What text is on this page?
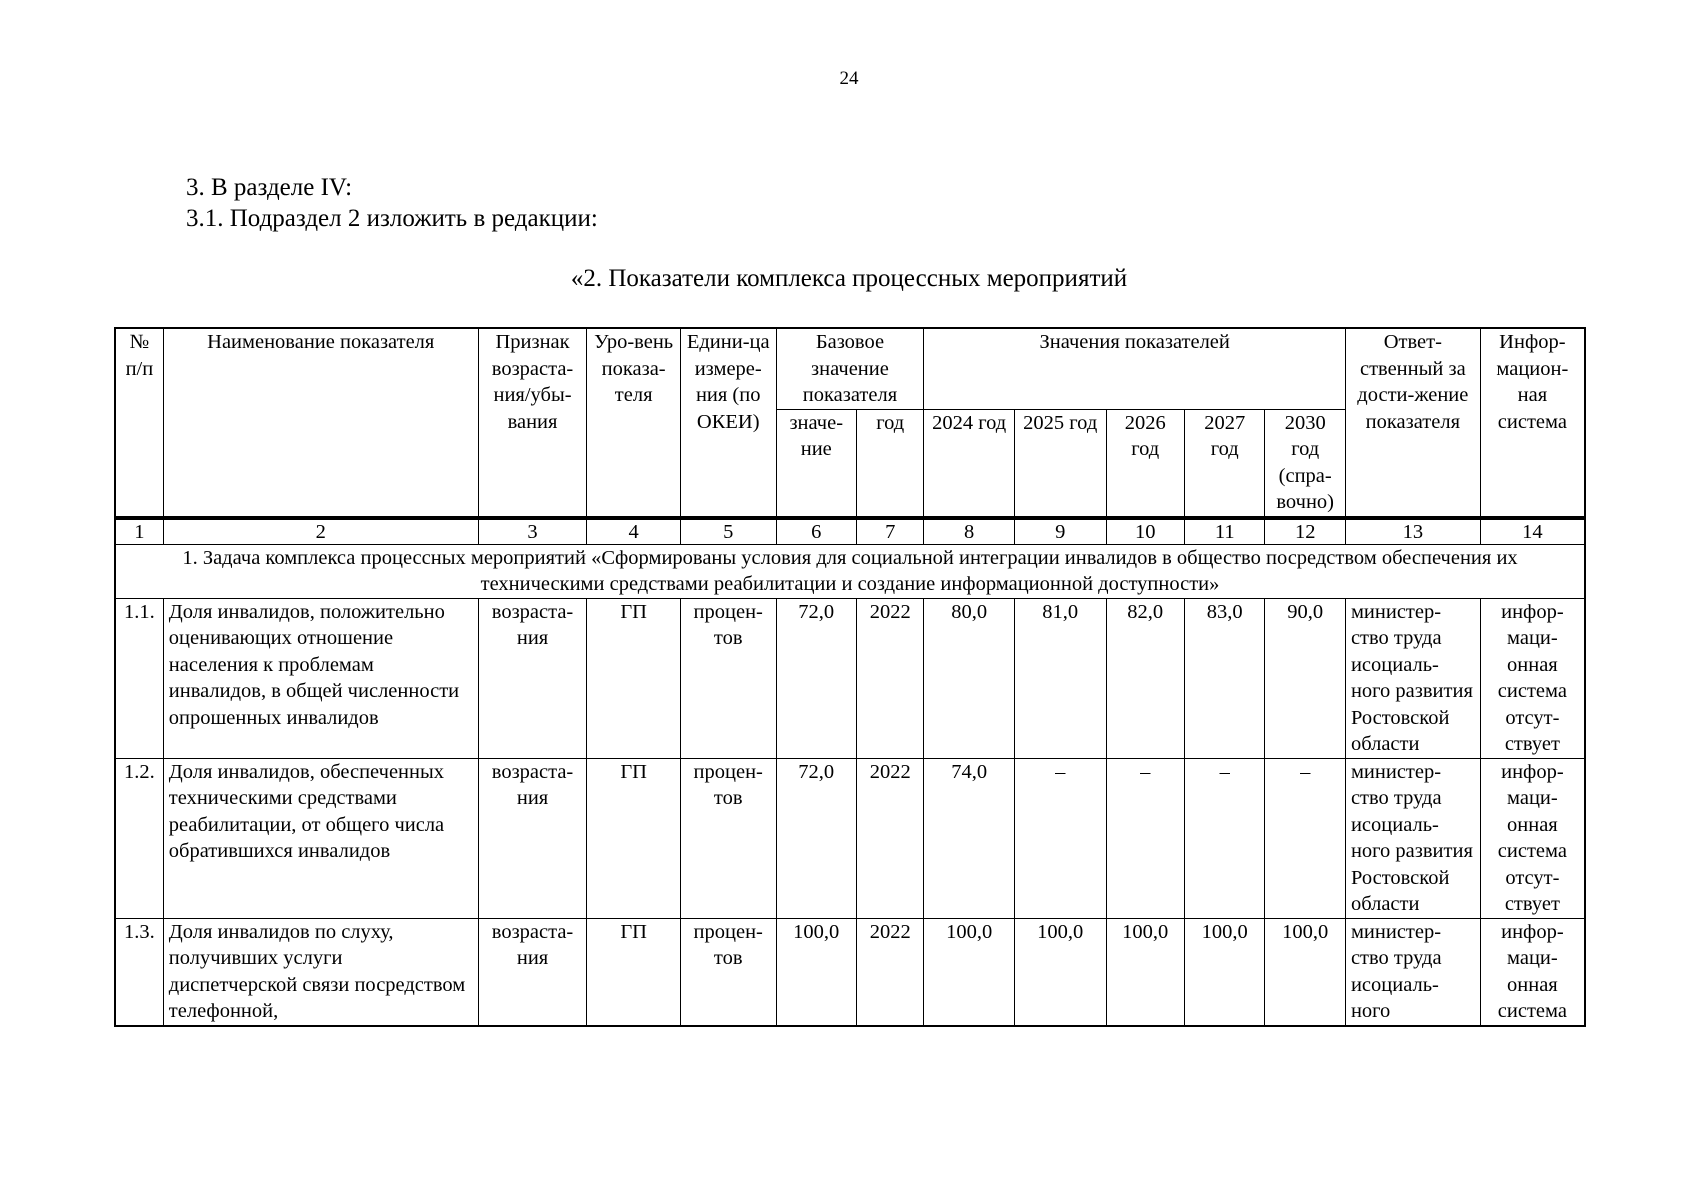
24
3. В разделе IV:
3.1. Подраздел 2 изложить в редакции:
«2. Показатели комплекса процессных мероприятий
№ п/п	Наименование показателя	Признак возраста-ния/убы-вания	Уро-вень показа-теля	Едини-ца измере-ния (по ОКЕИ)	Базовое значение показателя		Значения показателей					Ответ-ственный за дости-жение показателя	Инфор-мацион-ная система
					значе-ние	год	2024 год	2025 год	2026 год	2027 год	2030 год (спра-вочно)		
1	2	3	4	5	6	7	8	9	10	11	12	13	14
1. Задача комплекса процессных мероприятий «Сформированы условия для социальной интеграции инвалидов в общество посредством обеспечения их техническими средствами реабилитации и создание информационной доступности»													
1.1.	Доля инвалидов, положительно оценивающих отношение населения к проблемам инвалидов, в общей численности опрошенных инвалидов	возраста-ния	ГП	процен-тов	72,0	2022	80,0	81,0	82,0	83,0	90,0	министер-ство труда исоциаль-ного развития Ростовской области	инфор-маци-онная система отсут-ствует
1.2.	Доля инвалидов, обеспеченных техническими средствами реабилитации, от общего числа обратившихся инвалидов	возраста-ния	ГП	процен-тов	72,0	2022	74,0	–	–	–	–	министер-ство труда исоциаль-ного развития Ростовской области	инфор-маци-онная система отсут-ствует
1.3.	Доля инвалидов по слуху, получивших услуги диспетчерской связи посредством телефонной,	возраста-ния	ГП	процен-тов	100,0	2022	100,0	100,0	100,0	100,0	100,0	министер-ство труда исоциаль-ного	инфор-маци-онная система
